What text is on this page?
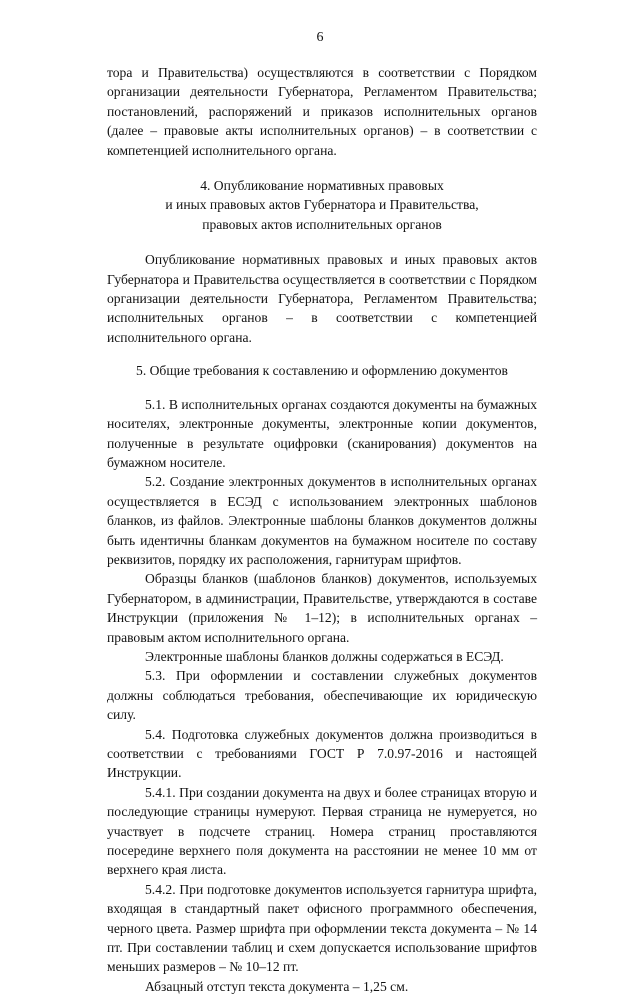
6

тора и Правительства) осуществляются в соответствии с Порядком организации деятельности Губернатора, Регламентом Правительства; постановлений, распоряжений и приказов исполнительных органов (далее – правовые акты исполнительных органов) – в соответствии с компетенцией исполнительного органа.

4. Опубликование нормативных правовых
и иных правовых актов Губернатора и Правительства,
правовых актов исполнительных органов

Опубликование нормативных правовых и иных правовых актов Губернатора и Правительства осуществляется в соответствии с Порядком организации деятельности Губернатора, Регламентом Правительства; исполнительных органов – в соответствии с компетенцией исполнительного органа.

5. Общие требования к составлению и оформлению документов

5.1. В исполнительных органах создаются документы на бумажных носителях, электронные документы, электронные копии документов, полученные в результате оцифровки (сканирования) документов на бумажном носителе.

5.2. Создание электронных документов в исполнительных органах осуществляется в ЕСЭД с использованием электронных шаблонов бланков, из файлов. Электронные шаблоны бланков документов должны быть идентичны бланкам документов на бумажном носителе по составу реквизитов, порядку их расположения, гарнитурам шрифтов.

Образцы бланков (шаблонов бланков) документов, используемых Губернатором, в администрации, Правительстве, утверждаются в составе Инструкции (приложения № 1–12); в исполнительных органах – правовым актом исполнительного органа.

Электронные шаблоны бланков должны содержаться в ЕСЭД.

5.3. При оформлении и составлении служебных документов должны соблюдаться требования, обеспечивающие их юридическую силу.

5.4. Подготовка служебных документов должна производиться в соответствии с требованиями ГОСТ Р 7.0.97-2016 и настоящей Инструкции.

5.4.1. При создании документа на двух и более страницах вторую и последующие страницы нумеруют. Первая страница не нумеруется, но участвует в подсчете страниц. Номера страниц проставляются посередине верхнего поля документа на расстоянии не менее 10 мм от верхнего края листа.

5.4.2. При подготовке документов используется гарнитура шрифта, входящая в стандартный пакет офисного программного обеспечения, черного цвета. Размер шрифта при оформлении текста документа – № 14 пт. При составлении таблиц и схем допускается использование шрифтов меньших размеров – № 10–12 пт.

Абзацный отступ текста документа – 1,25 см.
